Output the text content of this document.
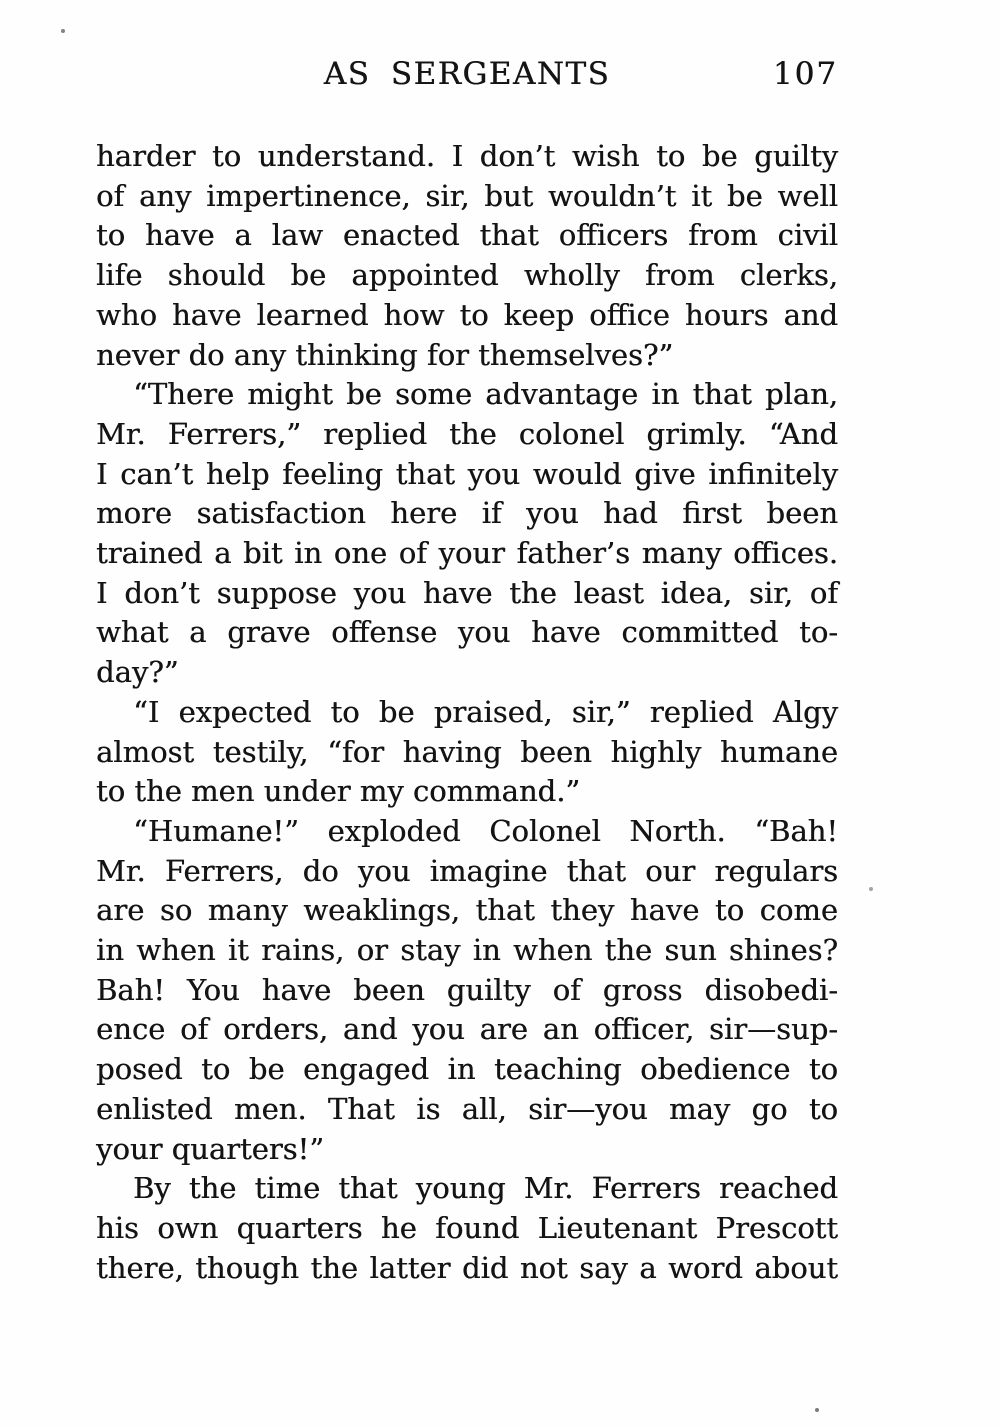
AS SERGEANTS	107
harder to understand. I don’t wish to be guilty
of any impertinence, sir, but wouldn’t it be well
to have a law enacted that officers from civil
life should be appointed wholly from clerks,
who have learned how to keep office hours and
never do any thinking for themselves?”
“There might be some advantage in that plan,
Mr. Ferrers,” replied the colonel grimly. “And
I can’t help feeling that you would give infinitely
more satisfaction here if you had first been
trained a bit in one of your father’s many offices.
I don’t suppose you have the least idea, sir, of
what a grave offense you have committed to-
day?”
“I expected to be praised, sir,” replied Algy
almost testily, “for having been highly humane
to the men under my command.”
“Humane!” exploded Colonel North. “Bah!
Mr. Ferrers, do you imagine that our regulars
are so many weaklings, that they have to come
in when it rains, or stay in when the sun shines?
Bah! You have been guilty of gross disobedi-
ence of orders, and you are an officer, sir—sup-
posed to be engaged in teaching obedience to
enlisted men. That is all, sir—you may go to
your quarters!”
By the time that young Mr. Ferrers reached
his own quarters he found Lieutenant Prescott
there, though the latter did not say a word about
